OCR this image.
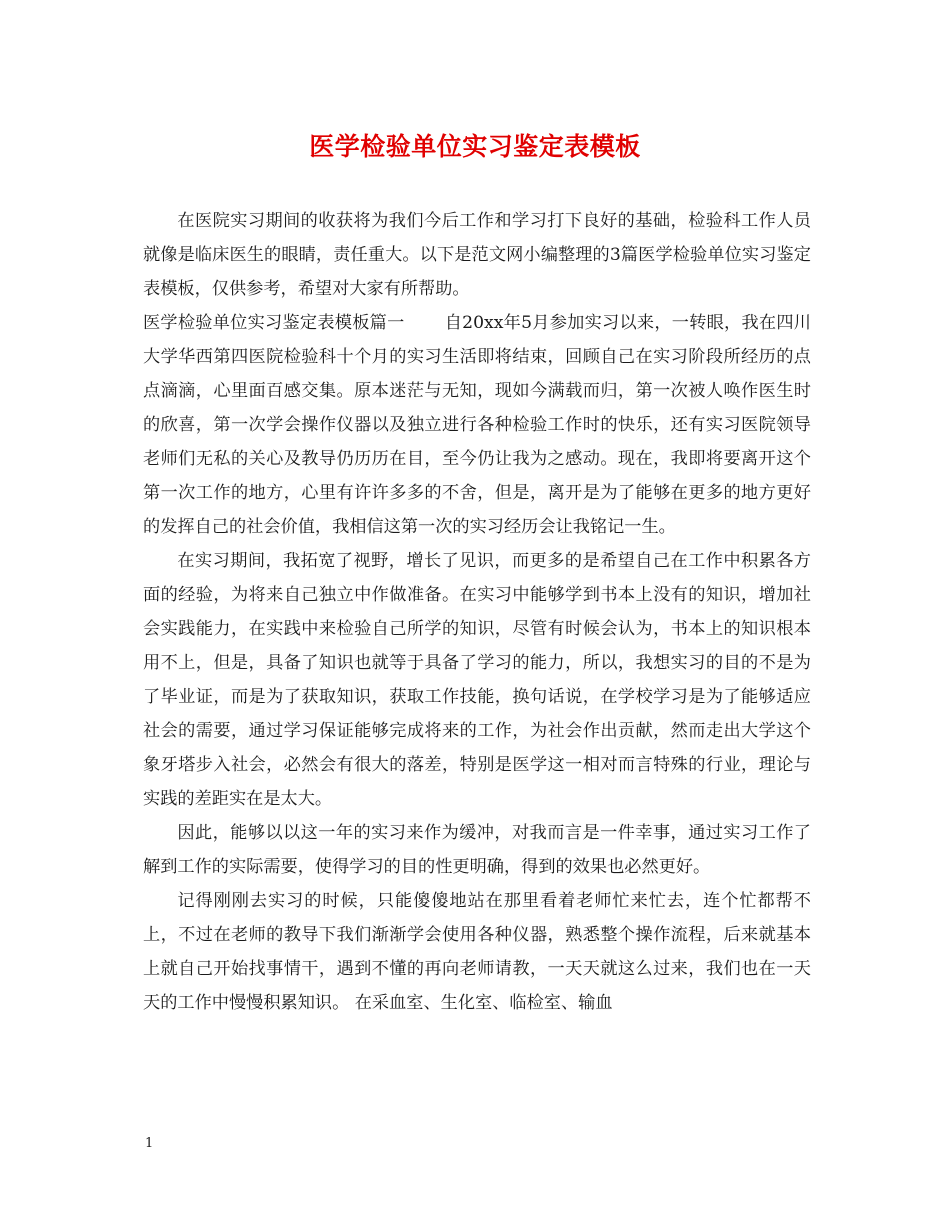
医学检验单位实习鉴定表模板

在医院实习期间的收获将为我们今后工作和学习打下良好的基础，检验科工作人员就像是临床医生的眼睛，责任重大。以下是范文网小编整理的3篇医学检验单位实习鉴定表模板，仅供参考，希望对大家有所帮助。

医学检验单位实习鉴定表模板篇一 自20xx年5月参加实习以来，一转眼，我在四川大学华西第四医院检验科十个月的实习生活即将结束，回顾自己在实习阶段所经历的点点滴滴，心里面百感交集。原本迷茫与无知，现如今满载而归，第一次被人唤作医生时的欣喜，第一次学会操作仪器以及独立进行各种检验工作时的快乐，还有实习医院领导老师们无私的关心及教导仍历历在目，至今仍让我为之感动。现在，我即将要离开这个第一次工作的地方，心里有许许多多的不舍，但是，离开是为了能够在更多的地方更好的发挥自己的社会价值，我相信这第一次的实习经历会让我铭记一生。

在实习期间，我拓宽了视野，增长了见识，而更多的是希望自己在工作中积累各方面的经验，为将来自己独立中作做准备。在实习中能够学到书本上没有的知识，增加社会实践能力，在实践中来检验自己所学的知识，尽管有时候会认为，书本上的知识根本用不上，但是，具备了知识也就等于具备了学习的能力，所以，我想实习的目的不是为了毕业证，而是为了获取知识，获取工作技能，换句话说，在学校学习是为了能够适应社会的需要，通过学习保证能够完成将来的工作，为社会作出贡献，然而走出大学这个象牙塔步入社会，必然会有很大的落差，特别是医学这一相对而言特殊的行业，理论与实践的差距实在是太大。

因此，能够以以这一年的实习来作为缓冲，对我而言是一件幸事，通过实习工作了解到工作的实际需要，使得学习的目的性更明确，得到的效果也必然更好。

记得刚刚去实习的时候，只能傻傻地站在那里看着老师忙来忙去，连个忙都帮不上，不过在老师的教导下我们渐渐学会使用各种仪器，熟悉整个操作流程，后来就基本上就自己开始找事情干，遇到不懂的再向老师请教，一天天就这么过来，我们也在一天天的工作中慢慢积累知识。 在采血室、生化室、临检室、输血

1
